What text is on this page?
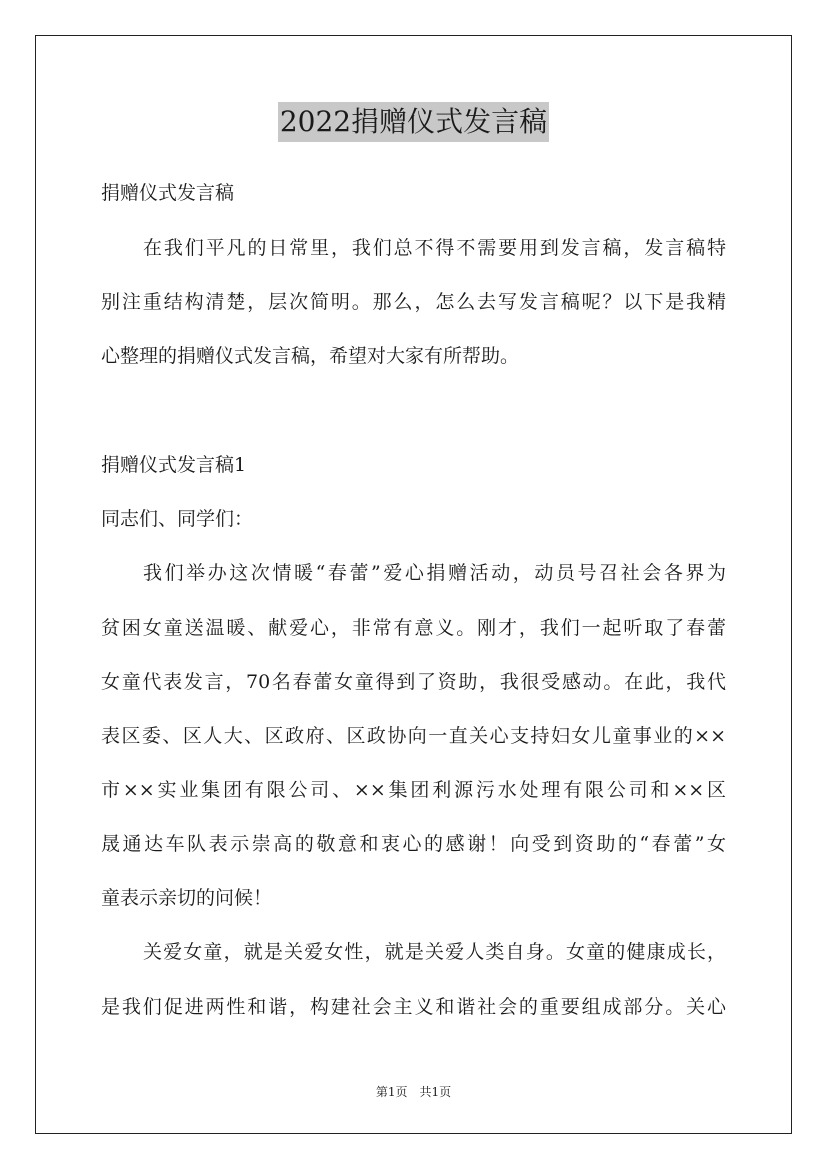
2022捐赠仪式发言稿
捐赠仪式发言稿
在我们平凡的日常里，我们总不得不需要用到发言稿，发言稿特
别注重结构清楚，层次简明。那么，怎么去写发言稿呢？以下是我精
心整理的捐赠仪式发言稿，希望对大家有所帮助。
捐赠仪式发言稿1
同志们、同学们：
我们举办这次情暖“春蕾”爱心捐赠活动，动员号召社会各界为
贫困女童送温暖、献爱心，非常有意义。刚才，我们一起听取了春蕾
女童代表发言，70名春蕾女童得到了资助，我很受感动。在此，我代
表区委、区人大、区政府、区政协向一直关心支持妇女儿童事业的××
市××实业集团有限公司、××集团利源污水处理有限公司和××区
晟通达车队表示崇高的敬意和衷心的感谢！向受到资助的“春蕾”女
童表示亲切的问候！
关爱女童，就是关爱女性，就是关爱人类自身。女童的健康成长，
是我们促进两性和谐，构建社会主义和谐社会的重要组成部分。关心
第1页　共1页
